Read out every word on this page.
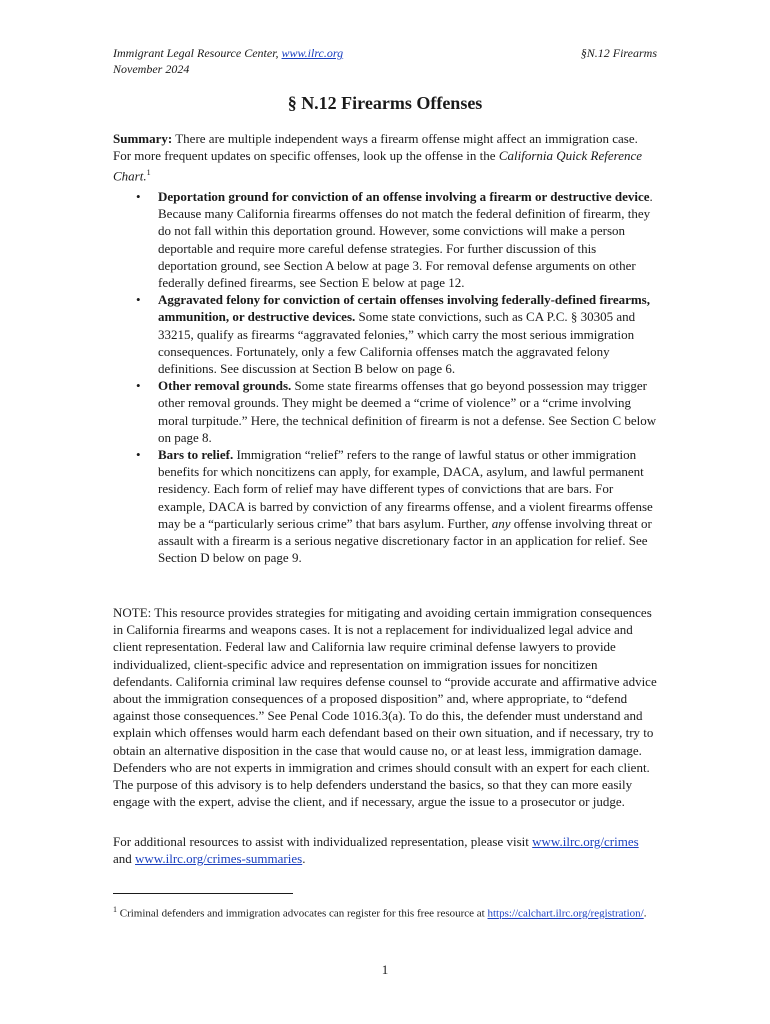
Immigrant Legal Resource Center, www.ilrc.org
November 2024
§N.12 Firearms
§ N.12 Firearms Offenses

Summary: There are multiple independent ways a firearm offense might affect an immigration case. For more frequent updates on specific offenses, look up the offense in the California Quick Reference Chart.$^1$

• Deportation ground for conviction of an offense involving a firearm or destructive device. Because many California firearms offenses do not match the federal definition of firearm, they do not fall within this deportation ground. However, some convictions will make a person deportable and require more careful defense strategies. For further discussion of this deportation ground, see Section A below at page 3. For removal defense arguments on other federally defined firearms, see Section E below at page 12.
• Aggravated felony for conviction of certain offenses involving federally-defined firearms, ammunition, or destructive devices. Some state convictions, such as CA P.C. § 30305 and 33215, qualify as firearms “aggravated felonies,” which carry the most serious immigration consequences. Fortunately, only a few California offenses match the aggravated felony definitions. See discussion at Section B below on page 6.
• Other removal grounds. Some state firearms offenses that go beyond possession may trigger other removal grounds. They might be deemed a “crime of violence” or a “crime involving moral turpitude.” Here, the technical definition of firearm is not a defense. See Section C below on page 8.
• Bars to relief. Immigration “relief” refers to the range of lawful status or other immigration benefits for which noncitizens can apply, for example, DACA, asylum, and lawful permanent residency. Each form of relief may have different types of convictions that are bars. For example, DACA is barred by conviction of any firearms offense, and a violent firearms offense may be a “particularly serious crime” that bars asylum. Further, any offense involving threat or assault with a firearm is a serious negative discretionary factor in an application for relief. See Section D below on page 9.

NOTE: This resource provides strategies for mitigating and avoiding certain immigration consequences in California firearms and weapons cases. It is not a replacement for individualized legal advice and client representation. Federal law and California law require criminal defense lawyers to provide individualized, client-specific advice and representation on immigration issues for noncitizen defendants. California criminal law requires defense counsel to “provide accurate and affirmative advice about the immigration consequences of a proposed disposition” and, where appropriate, to “defend against those consequences.” See Penal Code 1016.3(a). To do this, the defender must understand and explain which offenses would harm each defendant based on their own situation, and if necessary, try to obtain an alternative disposition in the case that would cause no, or at least less, immigration damage. Defenders who are not experts in immigration and crimes should consult with an expert for each client. The purpose of this advisory is to help defenders understand the basics, so that they can more easily engage with the expert, advise the client, and if necessary, argue the issue to a prosecutor or judge.

For additional resources to assist with individualized representation, please visit www.ilrc.org/crimes and www.ilrc.org/crimes-summaries.

$^1$ Criminal defenders and immigration advocates can register for this free resource at https://calchart.ilrc.org/registration/.

1
